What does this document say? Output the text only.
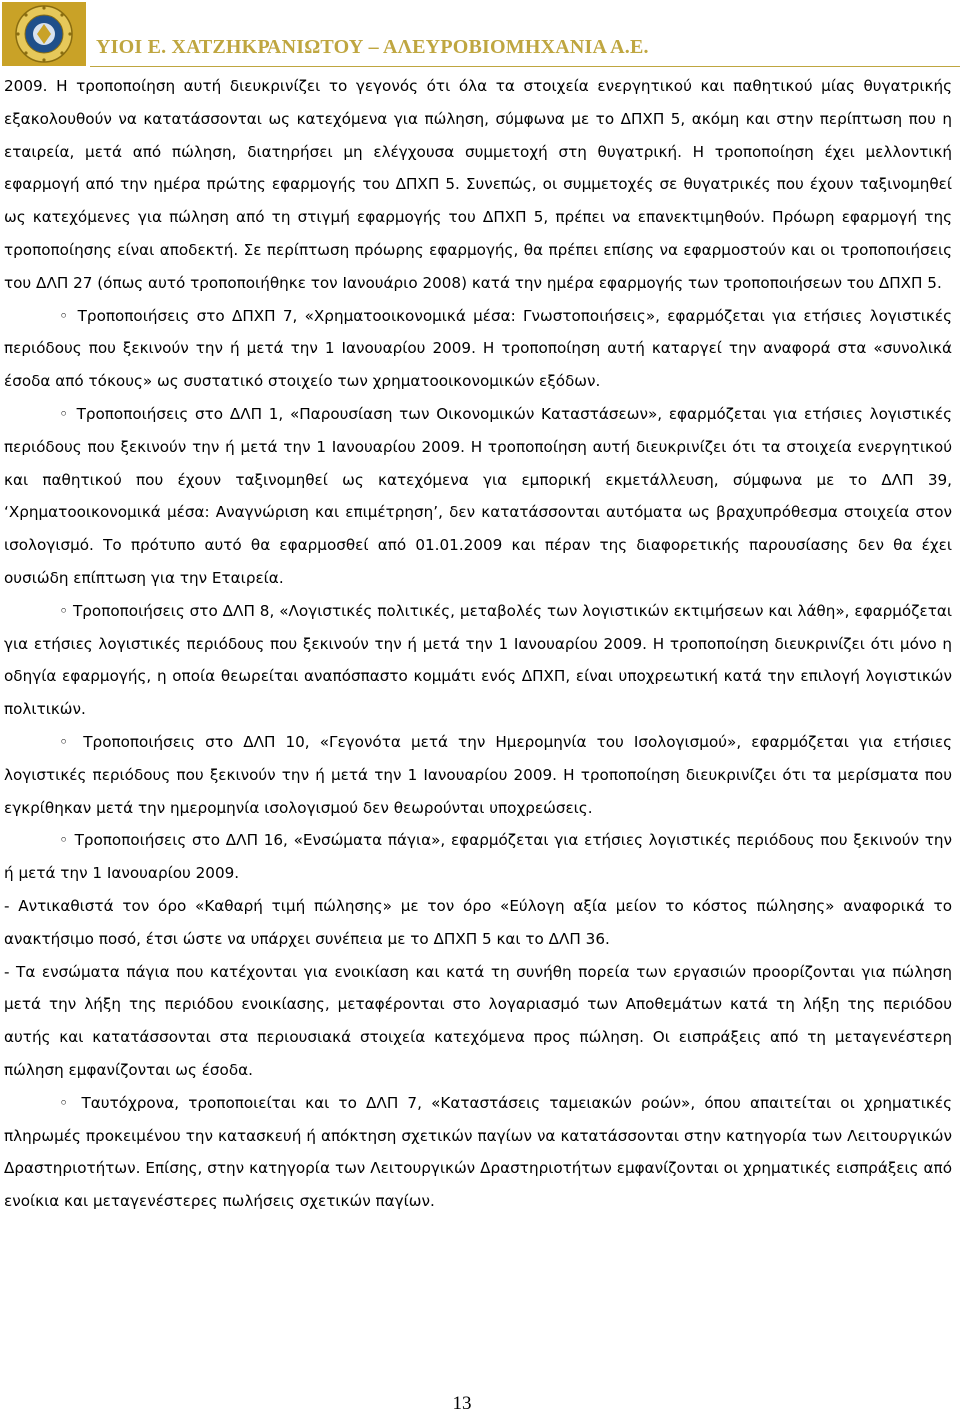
ΥΙΟΙ Ε. ΧΑΤΖΗΚΡΑΝΙΩΤΟΥ – ΑΛΕΥΡΟΒΙΟΜΗΧΑΝΙΑ Α.Ε.

2009. Η τροποποίηση αυτή διευκρινίζει το γεγονός ότι όλα τα στοιχεία ενεργητικού και παθητικού μίας θυγατρικής εξακολουθούν να κατατάσσονται ως κατεχόμενα για πώληση, σύμφωνα με το ΔΠΧΠ 5, ακόμη και στην περίπτωση που η εταιρεία, μετά από πώληση, διατηρήσει μη ελέγχουσα συμμετοχή στη θυγατρική. Η τροποποίηση έχει μελλοντική εφαρμογή από την ημέρα πρώτης εφαρμογής του ΔΠΧΠ 5. Συνεπώς, οι συμμετοχές σε θυγατρικές που έχουν ταξινομηθεί ως κατεχόμενες για πώληση από τη στιγμή εφαρμογής του ΔΠΧΠ 5, πρέπει να επανεκτιμηθούν. Πρόωρη εφαρμογή της τροποποίησης είναι αποδεκτή. Σε περίπτωση πρόωρης εφαρμογής, θα πρέπει επίσης να εφαρμοστούν και οι τροποποιήσεις του ΔΛΠ 27 (όπως αυτό τροποποιήθηκε τον Ιανουάριο 2008) κατά την ημέρα εφαρμογής των τροποποιήσεων του ΔΠΧΠ 5.

◦ Τροποποιήσεις στο ΔΠΧΠ 7, «Χρηματοοικονομικά μέσα: Γνωστοποιήσεις», εφαρμόζεται για ετήσιες λογιστικές περιόδους που ξεκινούν την ή μετά την 1 Ιανουαρίου 2009. Η τροποποίηση αυτή καταργεί την αναφορά στα «συνολικά έσοδα από τόκους» ως συστατικό στοιχείο των χρηματοοικονομικών εξόδων.

◦ Τροποποιήσεις στο ΔΛΠ 1, «Παρουσίαση των Οικονομικών Καταστάσεων», εφαρμόζεται για ετήσιες λογιστικές περιόδους που ξεκινούν την ή μετά την 1 Ιανουαρίου 2009. Η τροποποίηση αυτή διευκρινίζει ότι τα στοιχεία ενεργητικού και παθητικού που έχουν ταξινομηθεί ως κατεχόμενα για εμπορική εκμετάλλευση, σύμφωνα με το ΔΛΠ 39, ‘Χρηματοοικονομικά μέσα: Αναγνώριση και επιμέτρηση’, δεν κατατάσσονται αυτόματα ως βραχυπρόθεσμα στοιχεία στον ισολογισμό. Το πρότυπο αυτό θα εφαρμοσθεί από 01.01.2009 και πέραν της διαφορετικής παρουσίασης δεν θα έχει ουσιώδη επίπτωση για την Εταιρεία.

◦ Τροποποιήσεις στο ΔΛΠ 8, «Λογιστικές πολιτικές, μεταβολές των λογιστικών εκτιμήσεων και λάθη», εφαρμόζεται για ετήσιες λογιστικές περιόδους που ξεκινούν την ή μετά την 1 Ιανουαρίου 2009. Η τροποποίηση διευκρινίζει ότι μόνο η οδηγία εφαρμογής, η οποία θεωρείται αναπόσπαστο κομμάτι ενός ΔΠΧΠ, είναι υποχρεωτική κατά την επιλογή λογιστικών πολιτικών.

◦ Τροποποιήσεις στο ΔΛΠ 10, «Γεγονότα μετά την Ημερομηνία του Ισολογισμού», εφαρμόζεται για ετήσιες λογιστικές περιόδους που ξεκινούν την ή μετά την 1 Ιανουαρίου 2009. Η τροποποίηση διευκρινίζει ότι τα μερίσματα που εγκρίθηκαν μετά την ημερομηνία ισολογισμού δεν θεωρούνται υποχρεώσεις.

◦ Τροποποιήσεις στο ΔΛΠ 16, «Ενσώματα πάγια», εφαρμόζεται για ετήσιες λογιστικές περιόδους που ξεκινούν την ή μετά την 1 Ιανουαρίου 2009.

- Αντικαθιστά τον όρο «Καθαρή τιμή πώλησης» με τον όρο «Εύλογη αξία μείον το κόστος πώλησης» αναφορικά το ανακτήσιμο ποσό, έτσι ώστε να υπάρχει συνέπεια με το ΔΠΧΠ 5 και το ΔΛΠ 36.

- Τα ενσώματα πάγια που κατέχονται για ενοικίαση και κατά τη συνήθη πορεία των εργασιών προορίζονται για πώληση μετά την λήξη της περιόδου ενοικίασης, μεταφέρονται στο λογαριασμό των Αποθεμάτων κατά τη λήξη της περιόδου αυτής και κατατάσσονται στα περιουσιακά στοιχεία κατεχόμενα προς πώληση. Οι εισπράξεις από τη μεταγενέστερη πώληση εμφανίζονται ως έσοδα.

◦ Ταυτόχρονα, τροποποιείται και το ΔΛΠ 7, «Καταστάσεις ταμειακών ροών», όπου απαιτείται οι χρηματικές πληρωμές προκειμένου την κατασκευή ή απόκτηση σχετικών παγίων να κατατάσσονται στην κατηγορία των Λειτουργικών Δραστηριοτήτων. Επίσης, στην κατηγορία των Λειτουργικών Δραστηριοτήτων εμφανίζονται οι χρηματικές εισπράξεις από ενοίκια και μεταγενέστερες πωλήσεις σχετικών παγίων.

13
